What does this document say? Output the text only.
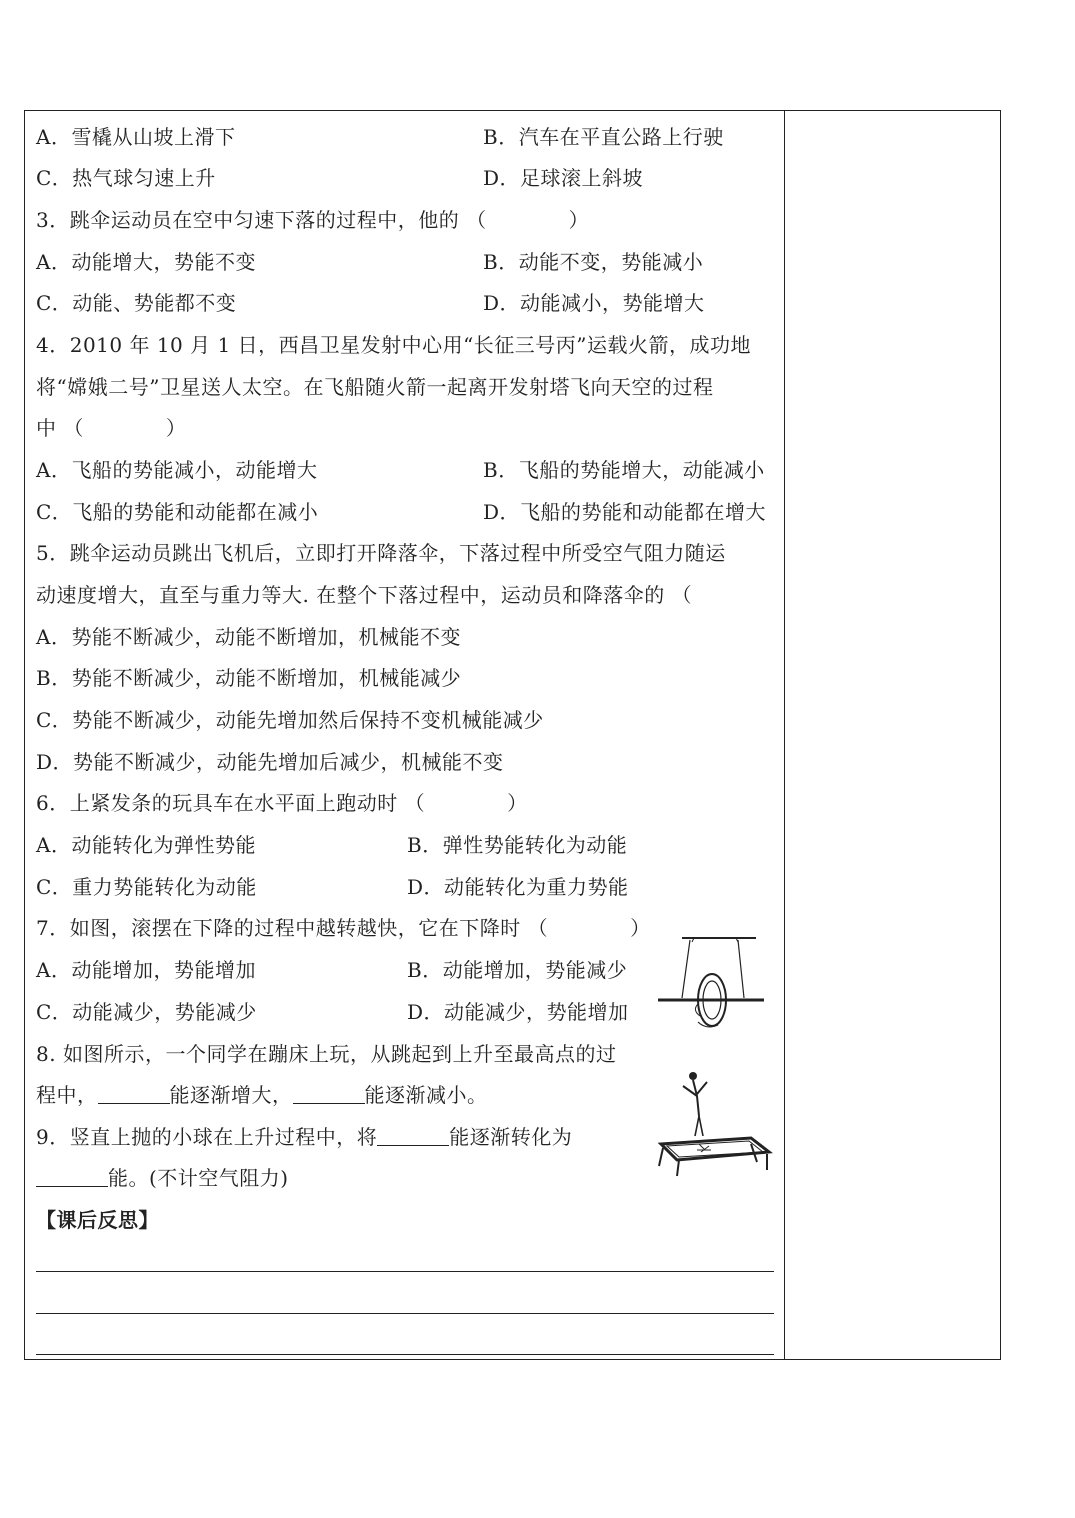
A．雪橇从山坡上滑下	B．汽车在平直公路上行驶
C．热气球匀速上升	D．足球滚上斜坡
3．跳伞运动员在空中匀速下落的过程中，他的 （　　　　）
A．动能增大，势能不变	B．动能不变，势能减小
C．动能、势能都不变	D．动能减小，势能增大
4．2010 年 10 月 1 日，西昌卫星发射中心用“长征三号丙”运载火箭，成功地
将“嫦娥二号”卫星送人太空。在飞船随火箭一起离开发射塔飞向天空的过程
中 （　　　　）
A．飞船的势能减小，动能增大	B．飞船的势能增大，动能减小
C．飞船的势能和动能都在减小	D．飞船的势能和动能都在增大
5．跳伞运动员跳出飞机后，立即打开降落伞，下落过程中所受空气阻力随运
动速度增大，直至与重力等大. 在整个下落过程中，运动员和降落伞的 （
A．势能不断减少，动能不断增加，机械能不变
B．势能不断减少，动能不断增加，机械能减少
C．势能不断减少，动能先增加然后保持不变机械能减少
D．势能不断减少，动能先增加后减少，机械能不变
6．上紧发条的玩具车在水平面上跑动时 （　　　　）
A．动能转化为弹性势能	B．弹性势能转化为动能
C．重力势能转化为动能	D．动能转化为重力势能
7．如图，滚摆在下降的过程中越转越快，它在下降时 （　　　　）
A．动能增加，势能增加	B．动能增加，势能减少
C．动能减少，势能减少	D．动能减少，势能增加
8. 如图所示，一个同学在蹦床上玩，从跳起到上升至最高点的过
程中，	能逐渐增大，	能逐渐减小。
9．竖直上抛的小球在上升过程中，将	能逐渐转化为
能。(不计空气阻力)
【课后反思】
